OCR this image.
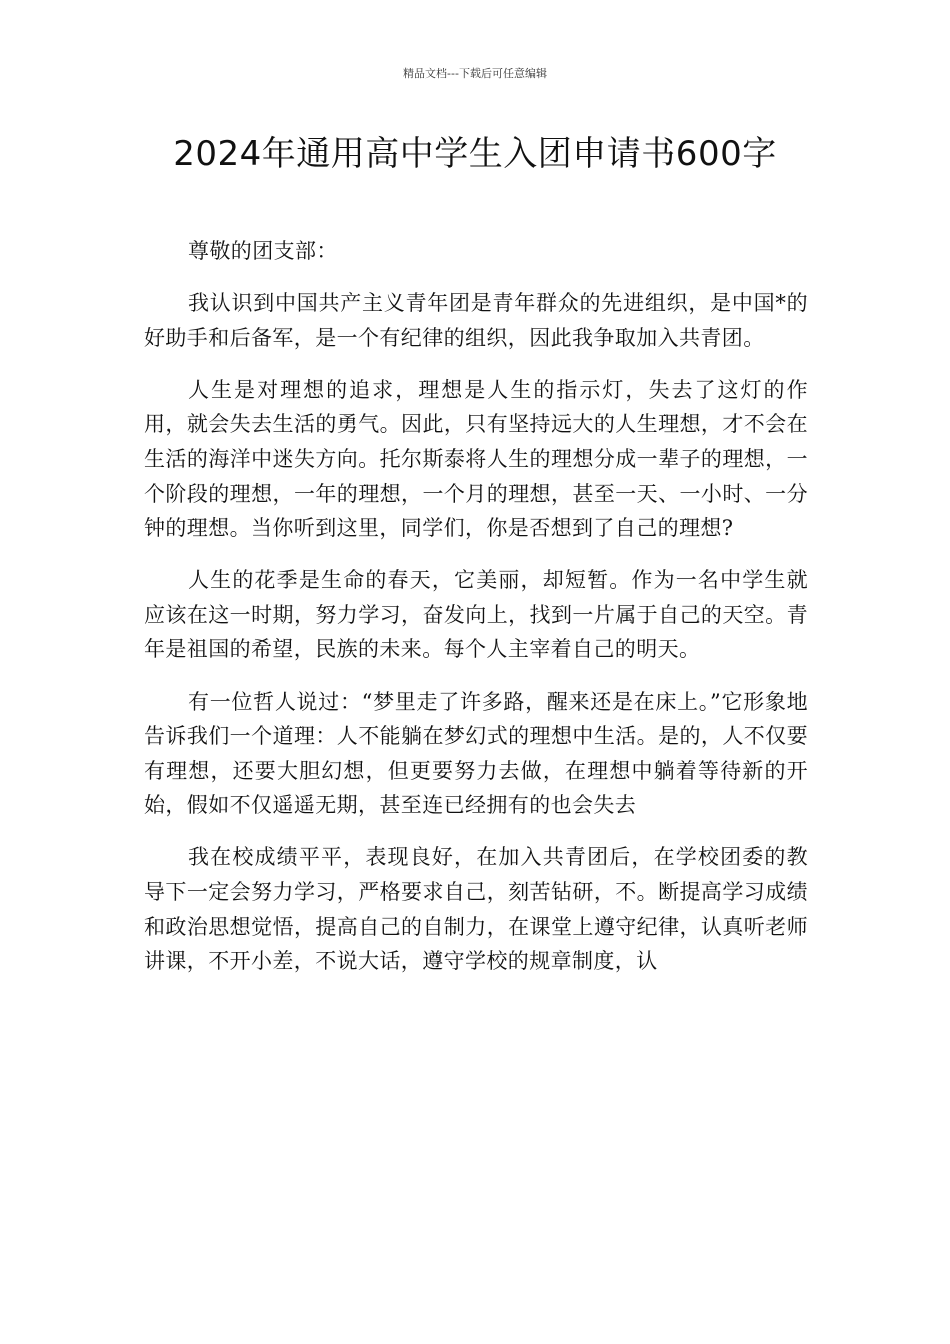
精品文档---下载后可任意编辑
2024年通用高中学生入团申请书600字

尊敬的团支部：

我认识到中国共产主义青年团是青年群众的先进组织，是中国*的好助手和后备军，是一个有纪律的组织，因此我争取加入共青团。

人生是对理想的追求，理想是人生的指示灯，失去了这灯的作用，就会失去生活的勇气。因此，只有坚持远大的人生理想，才不会在生活的海洋中迷失方向。托尔斯泰将人生的理想分成一辈子的理想，一个阶段的理想，一年的理想，一个月的理想，甚至一天、一小时、一分钟的理想。当你听到这里，同学们，你是否想到了自己的理想?

人生的花季是生命的春天，它美丽，却短暂。作为一名中学生就应该在这一时期，努力学习，奋发向上，找到一片属于自己的天空。青年是祖国的希望，民族的未来。每个人主宰着自己的明天。

有一位哲人说过：“梦里走了许多路，醒来还是在床上。”它形象地告诉我们一个道理：人不能躺在梦幻式的理想中生活。是的，人不仅要有理想，还要大胆幻想，但更要努力去做，在理想中躺着等待新的开始，假如不仅遥遥无期，甚至连已经拥有的也会失去

我在校成绩平平，表现良好，在加入共青团后，在学校团委的教导下一定会努力学习，严格要求自己，刻苦钻研，不。断提高学习成绩和政治思想觉悟，提高自己的自制力，在课堂上遵守纪律，认真听老师讲课，不开小差，不说大话，遵守学校的规章制度，认
